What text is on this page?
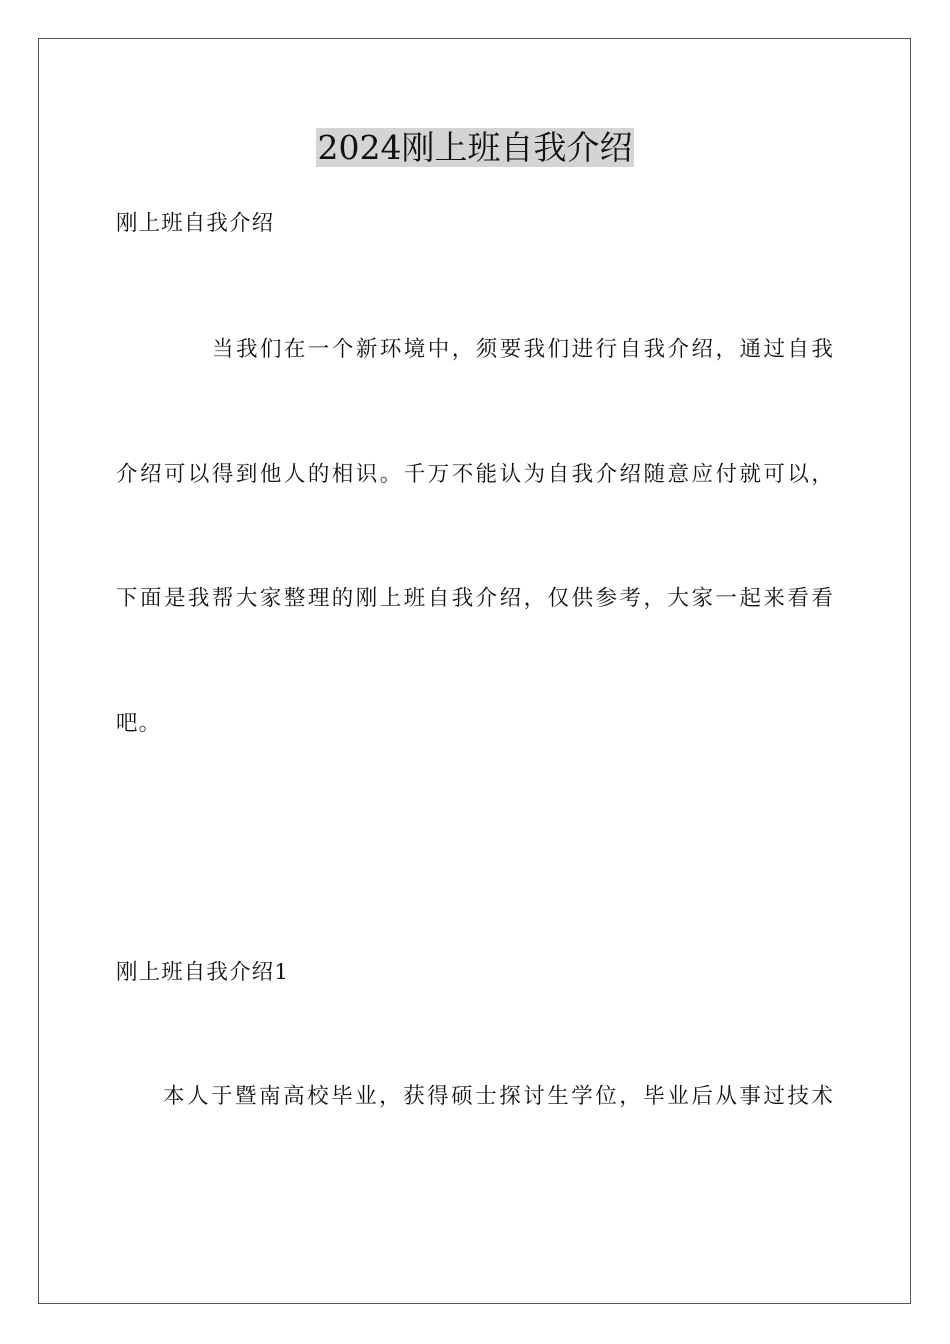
2024刚上班自我介绍
刚上班自我介绍
当我们在一个新环境中，须要我们进行自我介绍，通过自我
介绍可以得到他人的相识。千万不能认为自我介绍随意应付就可以，
下面是我帮大家整理的刚上班自我介绍，仅供参考，大家一起来看看
吧。
刚上班自我介绍1
本人于暨南高校毕业，获得硕士探讨生学位，毕业后从事过技术
